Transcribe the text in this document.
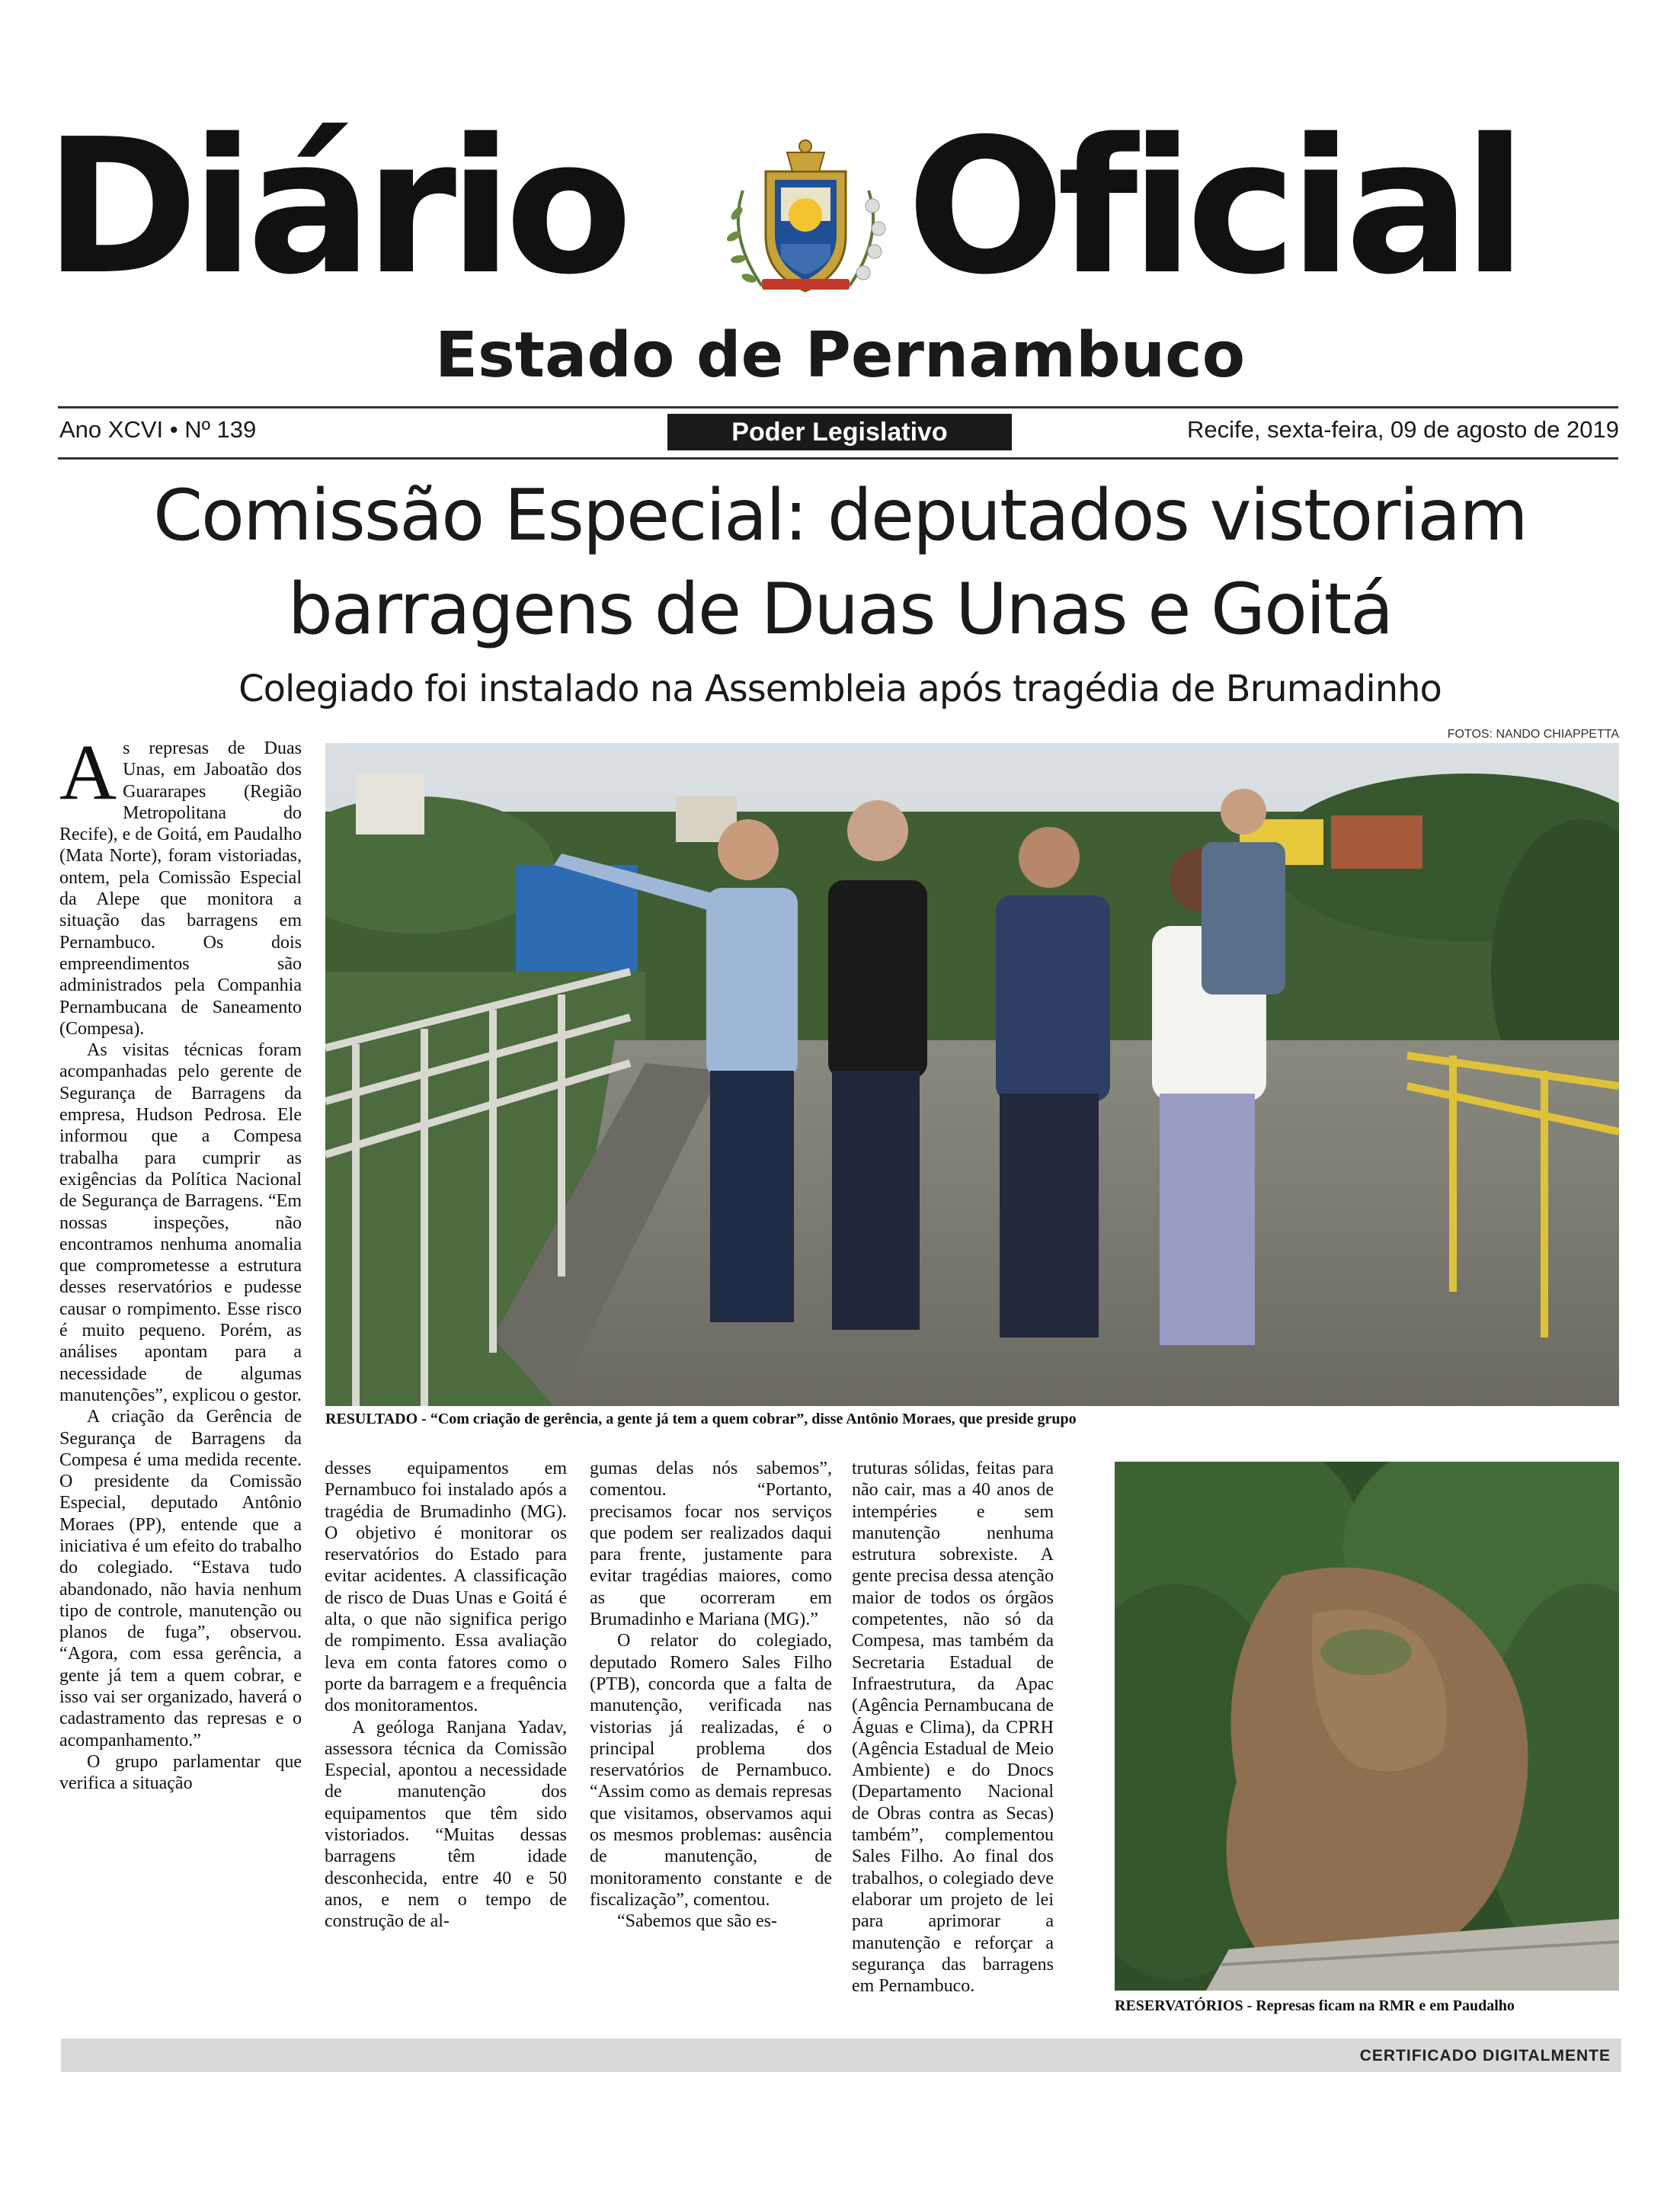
Diário Oficial
Estado de Pernambuco
Ano XCVI • Nº 139	Poder Legislativo	Recife, sexta-feira, 09 de agosto de 2019
Comissão Especial: deputados vistoriam
barragens de Duas Unas e Goitá
Colegiado foi instalado na Assembleia após tragédia de Brumadinho
FOTOS: NANDO CHIAPPETTA
RESULTADO - “Com criação de gerência, a gente já tem a quem cobrar”, disse Antônio Moraes, que preside grupo

As represas de Duas Unas, em Jaboatão dos Guararapes (Região Metropolitana do Recife), e de Goitá, em Paudalho (Mata Norte), foram vistoriadas, ontem, pela Comissão Especial da Alepe que monitora a situação das barragens em Pernambuco. Os dois empreendimentos são administrados pela Companhia Pernambucana de Saneamento (Compesa).

As visitas técnicas foram acompanhadas pelo gerente de Segurança de Barragens da empresa, Hudson Pedrosa. Ele informou que a Compesa trabalha para cumprir as exigências da Política Nacional de Segurança de Barragens. “Em nossas inspeções, não encontramos nenhuma anomalia que comprometesse a estrutura desses reservatórios e pudesse causar o rompimento. Esse risco é muito pequeno. Porém, as análises apontam para a necessidade de algumas manutenções”, explicou o gestor.

A criação da Gerência de Segurança de Barragens da Compesa é uma medida recente. O presidente da Comissão Especial, deputado Antônio Moraes (PP), entende que a iniciativa é um efeito do trabalho do colegiado. “Estava tudo abandonado, não havia nenhum tipo de controle, manutenção ou planos de fuga”, observou. “Agora, com essa gerência, a gente já tem a quem cobrar, e isso vai ser organizado, haverá o cadastramento das represas e o acompanhamento.”

O grupo parlamentar que verifica a situação

desses equipamentos em Pernambuco foi instalado após a tragédia de Brumadinho (MG). O objetivo é monitorar os reservatórios do Estado para evitar acidentes. A classificação de risco de Duas Unas e Goitá é alta, o que não significa perigo de rompimento. Essa avaliação leva em conta fatores como o porte da barragem e a frequência dos monitoramentos.

A geóloga Ranjana Yadav, assessora técnica da Comissão Especial, apontou a necessidade de manutenção dos equipamentos que têm sido vistoriados. “Muitas dessas barragens têm idade desconhecida, entre 40 e 50 anos, e nem o tempo de construção de al-

gumas delas nós sabemos”, comentou. “Portanto, precisamos focar nos serviços que podem ser realizados daqui para frente, justamente para evitar tragédias maiores, como as que ocorreram em Brumadinho e Mariana (MG).”

O relator do colegiado, deputado Romero Sales Filho (PTB), concorda que a falta de manutenção, verificada nas vistorias já realizadas, é o principal problema dos reservatórios de Pernambuco. “Assim como as demais represas que visitamos, observamos aqui os mesmos problemas: ausência de manutenção, de monitoramento constante e de fiscalização”, comentou.

“Sabemos que são es-

truturas sólidas, feitas para não cair, mas a 40 anos de intempéries e sem manutenção nenhuma estrutura sobrexiste. A gente precisa dessa atenção maior de todos os órgãos competentes, não só da Compesa, mas também da Secretaria Estadual de Infraestrutura, da Apac (Agência Pernambucana de Águas e Clima), da CPRH (Agência Estadual de Meio Ambiente) e do Dnocs (Departamento Nacional de Obras contra as Secas) também”, complementou Sales Filho. Ao final dos trabalhos, o colegiado deve elaborar um projeto de lei para aprimorar a manutenção e reforçar a segurança das barragens em Pernambuco.

RESERVATÓRIOS - Represas ficam na RMR e em Paudalho
CERTIFICADO DIGITALMENTE
